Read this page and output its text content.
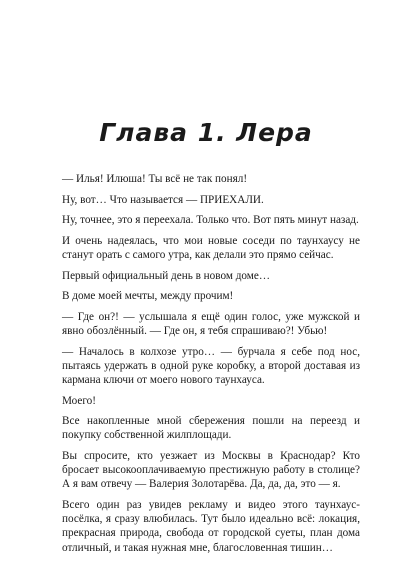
Глава 1. Лера

— Илья! Илюша! Ты всё не так понял!

Ну, вот… Что называется — ПРИЕХАЛИ.

Ну, точнее, это я переехала. Только что. Вот пять минут назад.

И очень надеялась, что мои новые соседи по таунхаусу не станут орать с самого утра, как делали это прямо сейчас.

Первый официальный день в новом доме…

В доме моей мечты, между прочим!

— Где он?! — услышала я ещё один голос, уже мужской и явно обозлённый. — Где он, я тебя спрашиваю?! Убью!

— Началось в колхозе утро… — бурчала я себе под нос, пытаясь удержать в одной руке коробку, а второй доставая из кармана ключи от моего нового таунхауса.

Моего!

Все накопленные мной сбережения пошли на переезд и покупку собственной жилплощади.

Вы спросите, кто уезжает из Москвы в Краснодар? Кто бросает высокооплачиваемую престижную работу в столице? А я вам отвечу — Валерия Золотарёва. Да, да, да, это — я.

Всего один раз увидев рекламу и видео этого таунхаус-посёлка, я сразу влюбилась. Тут было идеально всё: локация, прекрасная природа, свобода от городской суеты, план дома отличный, и такая нужная мне, благословенная тишин…
